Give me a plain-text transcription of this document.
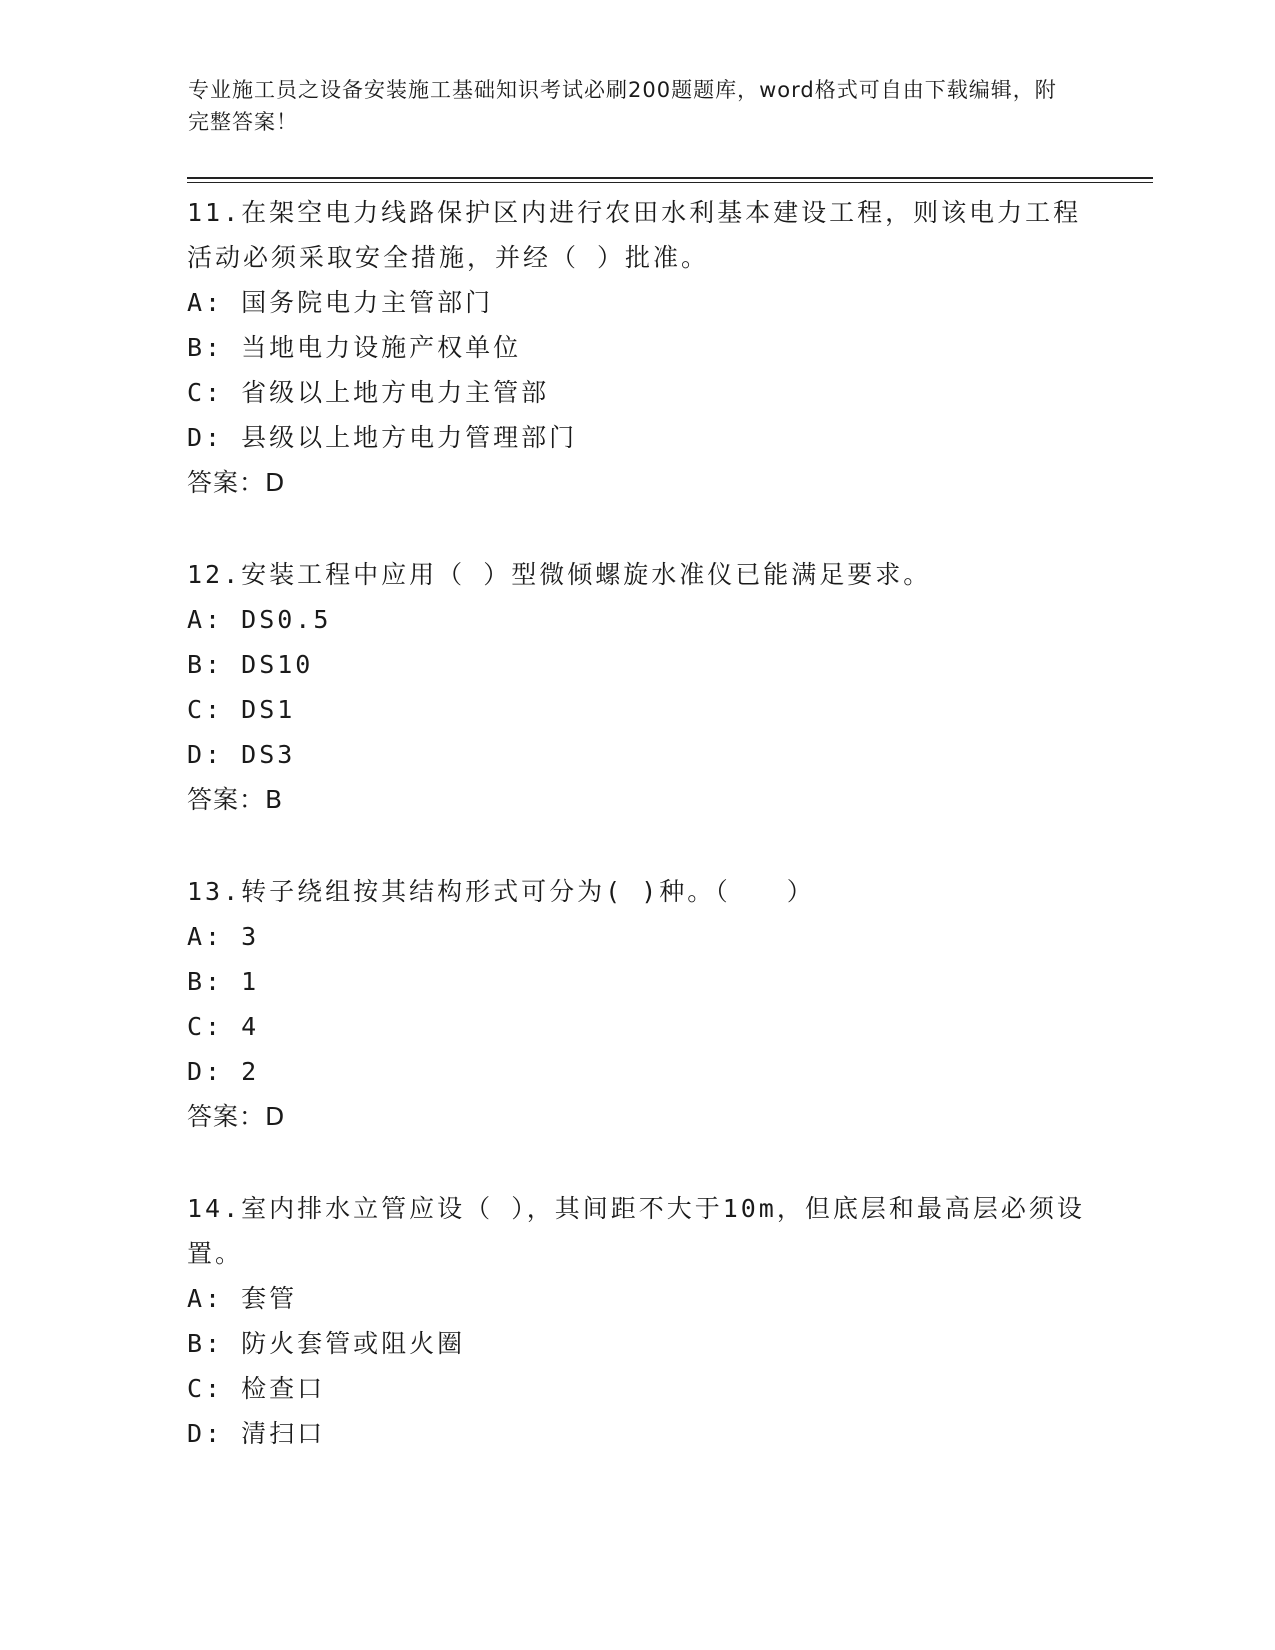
专业施工员之设备安装施工基础知识考试必刷200题题库，word格式可自由下载编辑，附完整答案！

11.在架空电力线路保护区内进行农田水利基本建设工程，则该电力工程活动必须采取安全措施，并经（ ）批准。

A: 国务院电力主管部门

B: 当地电力设施产权单位

C: 省级以上地方电力主管部

D: 县级以上地方电力管理部门

答案：D

12.安装工程中应用（ ）型微倾螺旋水准仪已能满足要求。

A: DS0.5

B: DS10

C: DS1

D: DS3

答案：B

13.转子绕组按其结构形式可分为( )种。（　　）

A: 3

B: 1

C: 4

D: 2

答案：D

14.室内排水立管应设（ ），其间距不大于10m，但底层和最高层必须设置。

A: 套管

B: 防火套管或阻火圈

C: 检查口

D: 清扫口
